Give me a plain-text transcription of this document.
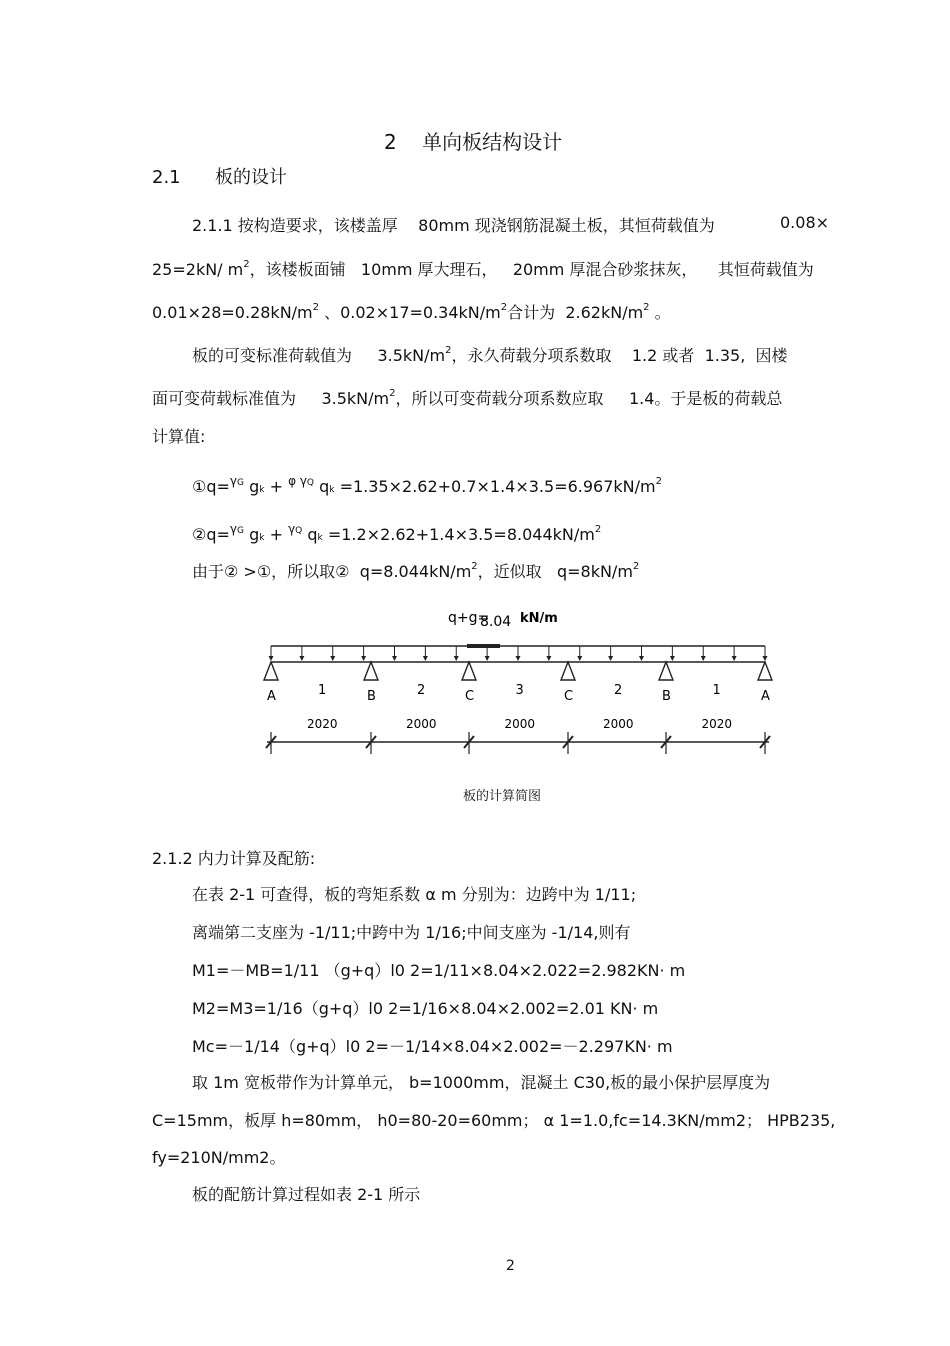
2 单向板结构设计
2.1 板的设计
2.1.1 按构造要求，该楼盖厚 80mm 现浇钢筋混凝土板，其恒荷载值为	0.08×
25=2kN/ $m^2$，该楼板面铺 10mm 厚大理石， 20mm 厚混合砂浆抹灰， 其恒荷载值为
$0.01\times 28=0.28kN/m^2$ 、$0.02\times 17=0.34kN/m^2$合计为 $2.62kN/m^2$ 。
板的可变标准荷载值为 $3.5kN/m^2$，永久荷载分项系数取 1.2 或者 1.35, 因楼
面可变荷载标准值为 $3.5kN/m^2$，所以可变荷载分项系数应取 1.4。于是板的荷载总
计算值:
①q=$^{\gamma G}$ gk + $^{\varphi \gamma Q}$ qk $=1.35\times 2.62+0.7\times 1.4\times 3.5=6.967kN/m^2$
②q=$^{\gamma G}$ gk + $^{\gamma Q}$ qk $=1.2\times 2.62+1.4\times 3.5=8.044kN/m^2$
由于② >①，所以取② $q=8.044kN/m^2$，近似取 $q=8kN/m^2$
q+g=
8.04 kN/m
A	B	C	C	B	A
1
2020
2
2000
3
2000
2
2000
1
2020
板的计算简图
2.1.2 内力计算及配筋:
在表 2-1 可查得，板的弯矩系数 α m 分别为：边跨中为 1/11;
离端第二支座为 -1/11;中跨中为 1/16;中间支座为 -1/14,则有
M1=－MB=1/11 （g+q）l0 2=1/11×8.04×2.022=2.982KN· m
M2=M3=1/16（g+q）l0 2=1/16×8.04×2.002=2.01 KN· m
Mc=－1/14（g+q）l0 2=－1/14×8.04×2.002=－2.297KN· m
取 1m 宽板带作为计算单元， b=1000mm，混凝土 C30,板的最小保护层厚度为
C=15mm，板厚 h=80mm， h0=80-20=60mm； α 1=1.0,fc=14.3KN/mm2； HPB235,
fy=210N/mm2。
板的配筋计算过程如表 2-1 所示
2
